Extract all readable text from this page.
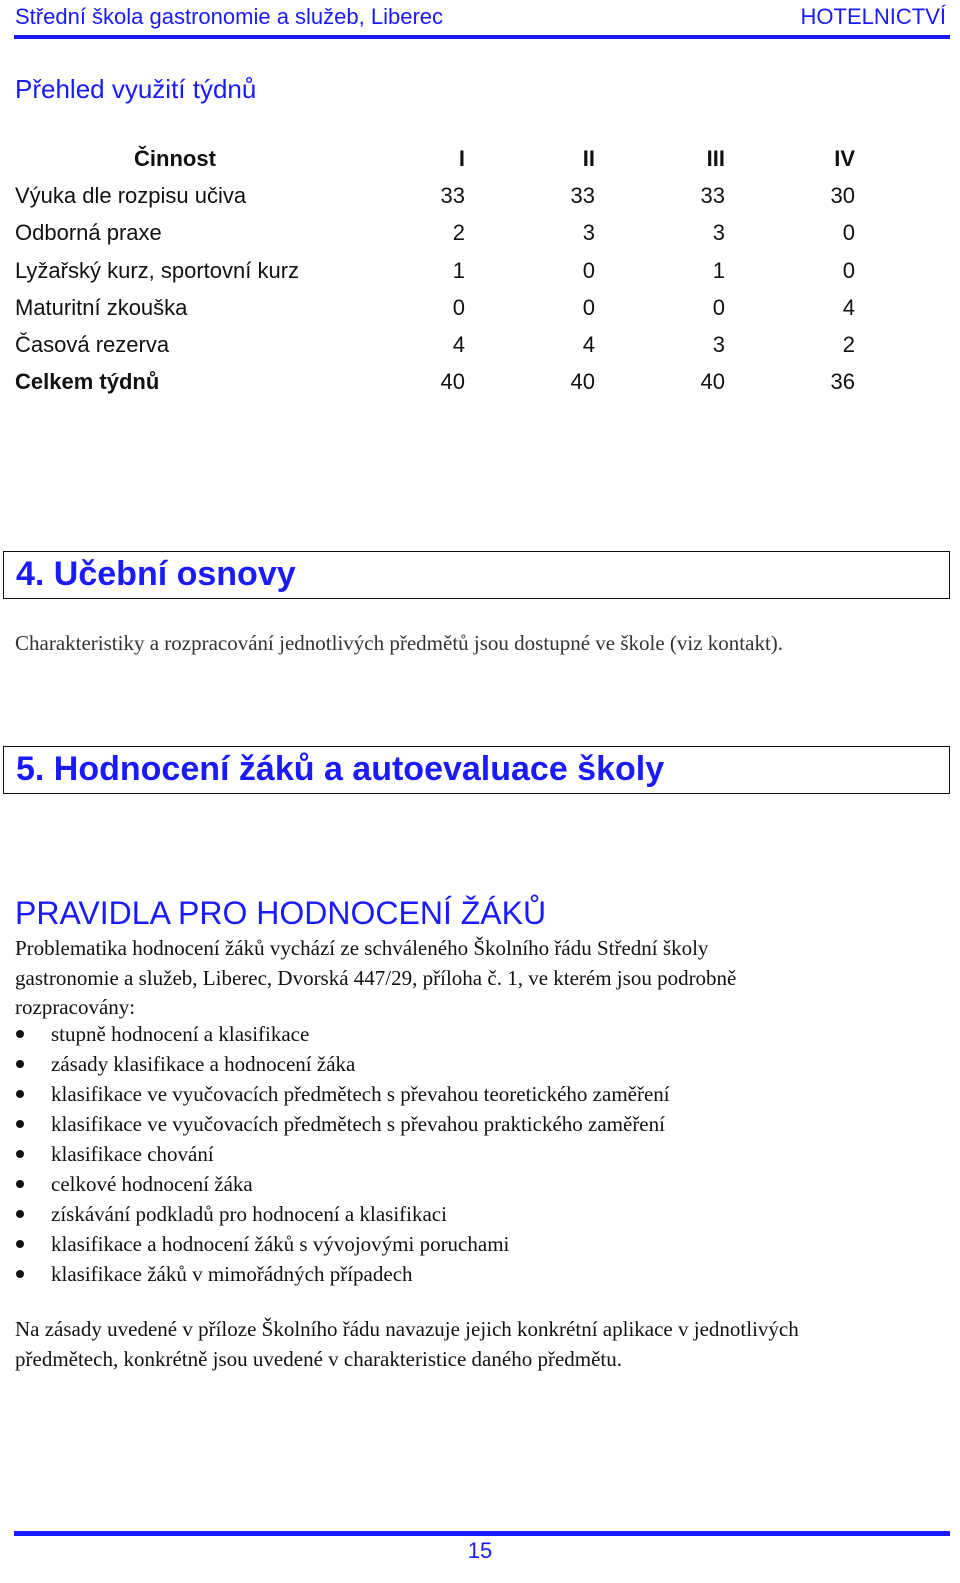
Střední škola gastronomie a služeb, Liberec	HOTELNICTVÍ
Přehled využití týdnů
Činnost	I	II	III	IV
Výuka dle rozpisu učiva	33	33	33	30
Odborná praxe	2	3	3	0
Lyžařský kurz, sportovní kurz	1	0	1	0
Maturitní zkouška	0	0	0	4
Časová rezerva	4	4	3	2
Celkem týdnů	40	40	40	36
4. Učební osnovy
Charakteristiky a rozpracování jednotlivých předmětů jsou dostupné ve škole (viz kontakt).
5. Hodnocení žáků a autoevaluace školy
PRAVIDLA PRO HODNOCENÍ ŽÁKŮ
Problematika hodnocení žáků vychází ze schváleného Školního řádu Střední školy
gastronomie a služeb, Liberec, Dvorská 447/29, příloha č. 1, ve kterém jsou podrobně
rozpracovány:
stupně hodnocení a klasifikace
zásady klasifikace a hodnocení žáka
klasifikace ve vyučovacích předmětech s převahou teoretického zaměření
klasifikace ve vyučovacích předmětech s převahou praktického zaměření
klasifikace chování
celkové hodnocení žáka
získávání podkladů pro hodnocení a klasifikaci
klasifikace a hodnocení žáků s vývojovými poruchami
klasifikace žáků v mimořádných případech
Na zásady uvedené v příloze Školního řádu navazuje jejich konkrétní aplikace v jednotlivých
předmětech, konkrétně jsou uvedené v charakteristice daného předmětu.
15
